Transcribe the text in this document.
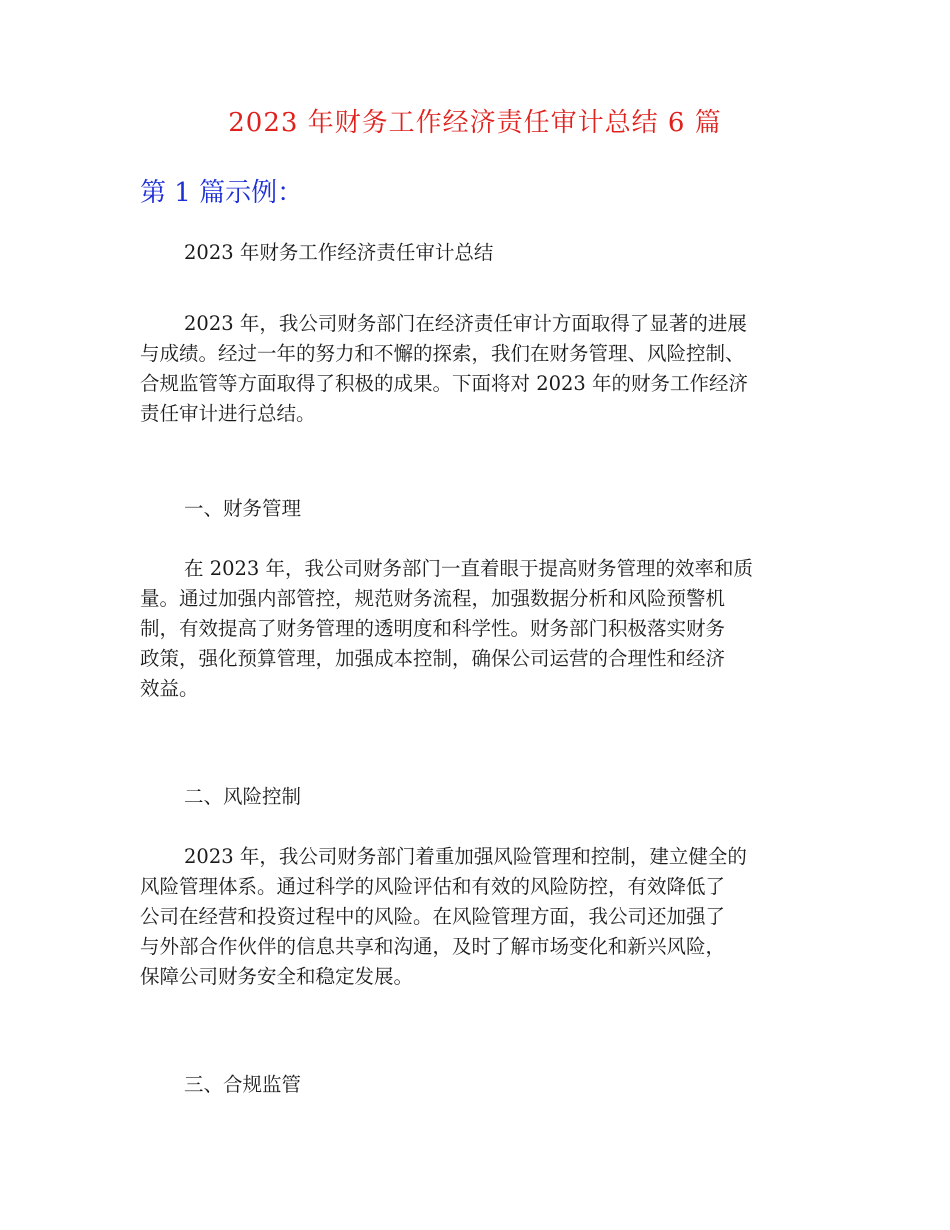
2023 年财务工作经济责任审计总结 6 篇
第 1 篇示例：
2023 年财务工作经济责任审计总结
2023 年，我公司财务部门在经济责任审计方面取得了显著的进展
与成绩。经过一年的努力和不懈的探索，我们在财务管理、风险控制、
合规监管等方面取得了积极的成果。下面将对 2023 年的财务工作经济
责任审计进行总结。
一、财务管理
在 2023 年，我公司财务部门一直着眼于提高财务管理的效率和质
量。通过加强内部管控，规范财务流程，加强数据分析和风险预警机
制，有效提高了财务管理的透明度和科学性。财务部门积极落实财务
政策，强化预算管理，加强成本控制，确保公司运营的合理性和经济
效益。
二、风险控制
2023 年，我公司财务部门着重加强风险管理和控制，建立健全的
风险管理体系。通过科学的风险评估和有效的风险防控，有效降低了
公司在经营和投资过程中的风险。在风险管理方面，我公司还加强了
与外部合作伙伴的信息共享和沟通，及时了解市场变化和新兴风险，
保障公司财务安全和稳定发展。
三、合规监管
